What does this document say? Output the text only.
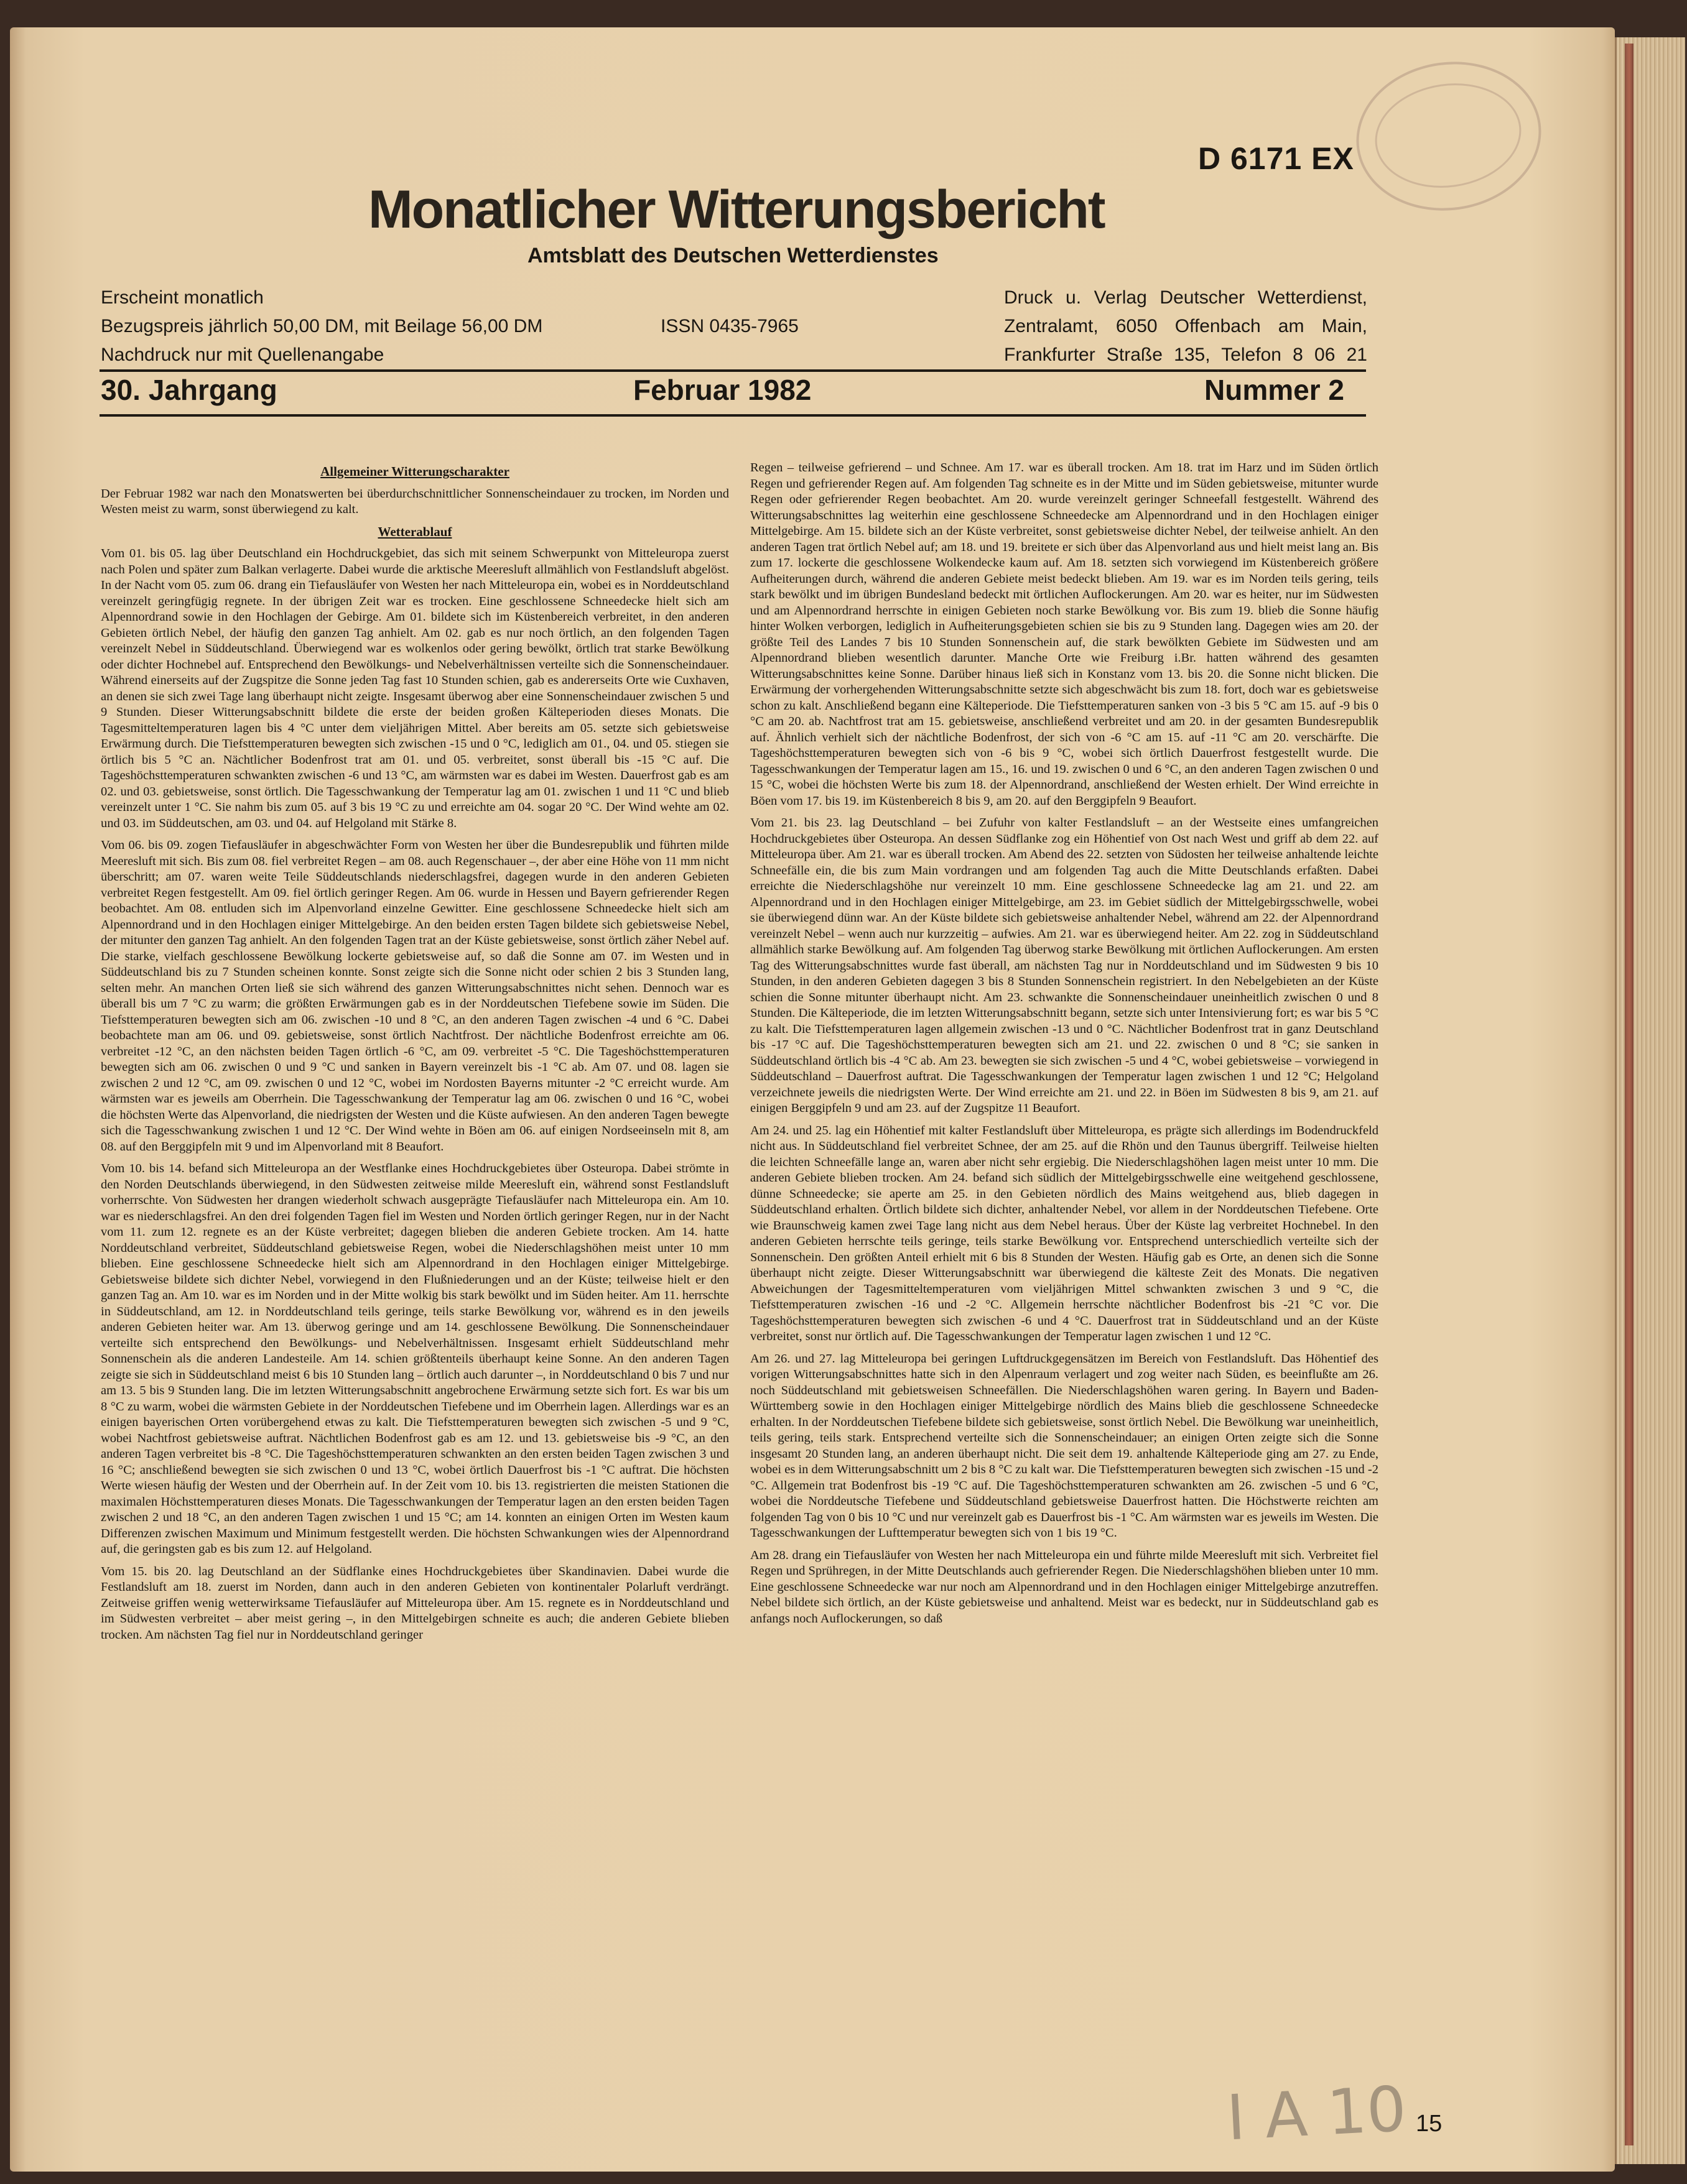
D 6171 EX
Monatlicher Witterungsbericht
Amtsblatt des Deutschen Wetterdienstes
Erscheint monatlich
Bezugspreis jährlich 50,00 DM, mit Beilage 56,00 DM
Nachdruck nur mit Quellenangabe
ISSN 0435-7965
Druck u. Verlag Deutscher Wetterdienst,
Zentralamt, 6050 Offenbach am Main,
Frankfurter Straße 135, Telefon 8 06 21
30. Jahrgang	Februar 1982	Nummer 2
Allgemeiner Witterungscharakter

Der Februar 1982 war nach den Monatswerten bei überdurchschnittlicher Sonnenscheindauer zu trocken, im Norden und Westen meist zu warm, sonst überwiegend zu kalt.

Wetterablauf

Vom 01. bis 05. lag über Deutschland ein Hochdruckgebiet, das sich mit seinem Schwerpunkt von Mitteleuropa zuerst nach Polen und später zum Balkan verlagerte. Dabei wurde die arktische Meeresluft allmählich von Festlandsluft abgelöst. In der Nacht vom 05. zum 06. drang ein Tiefausläufer von Westen her nach Mitteleuropa ein, wobei es in Norddeutschland vereinzelt geringfügig regnete. In der übrigen Zeit war es trocken. Eine geschlossene Schneedecke hielt sich am Alpennordrand sowie in den Hochlagen der Gebirge. Am 01. bildete sich im Küstenbereich verbreitet, in den anderen Gebieten örtlich Nebel, der häufig den ganzen Tag anhielt. Am 02. gab es nur noch örtlich, an den folgenden Tagen vereinzelt Nebel in Süddeutschland. Überwiegend war es wolkenlos oder gering bewölkt, örtlich trat starke Bewölkung oder dichter Hochnebel auf. Entsprechend den Bewölkungs- und Nebelverhältnissen verteilte sich die Sonnenscheindauer. Während einerseits auf der Zugspitze die Sonne jeden Tag fast 10 Stunden schien, gab es andererseits Orte wie Cuxhaven, an denen sie sich zwei Tage lang überhaupt nicht zeigte. Insgesamt überwog aber eine Sonnenscheindauer zwischen 5 und 9 Stunden. Dieser Witterungsabschnitt bildete die erste der beiden großen Kälteperioden dieses Monats. Die Tagesmitteltemperaturen lagen bis 4 °C unter dem vieljährigen Mittel. Aber bereits am 05. setzte sich gebietsweise Erwärmung durch. Die Tiefsttemperaturen bewegten sich zwischen -15 und 0 °C, lediglich am 01., 04. und 05. stiegen sie örtlich bis 5 °C an. Nächtlicher Bodenfrost trat am 01. und 05. verbreitet, sonst überall bis -15 °C auf. Die Tageshöchsttemperaturen schwankten zwischen -6 und 13 °C, am wärmsten war es dabei im Westen. Dauerfrost gab es am 02. und 03. gebietsweise, sonst örtlich. Die Tagesschwankung der Temperatur lag am 01. zwischen 1 und 11 °C und blieb vereinzelt unter 1 °C. Sie nahm bis zum 05. auf 3 bis 19 °C zu und erreichte am 04. sogar 20 °C. Der Wind wehte am 02. und 03. im Süddeutschen, am 03. und 04. auf Helgoland mit Stärke 8.

Vom 06. bis 09. zogen Tiefausläufer in abgeschwächter Form von Westen her über die Bundesrepublik und führten milde Meeresluft mit sich. Bis zum 08. fiel verbreitet Regen – am 08. auch Regenschauer –, der aber eine Höhe von 11 mm nicht überschritt; am 07. waren weite Teile Süddeutschlands niederschlagsfrei, dagegen wurde in den anderen Gebieten verbreitet Regen festgestellt. Am 09. fiel örtlich geringer Regen. Am 06. wurde in Hessen und Bayern gefrierender Regen beobachtet. Am 08. entluden sich im Alpenvorland einzelne Gewitter. Eine geschlossene Schneedecke hielt sich am Alpennordrand und in den Hochlagen einiger Mittelgebirge. An den beiden ersten Tagen bildete sich gebietsweise Nebel, der mitunter den ganzen Tag anhielt. An den folgenden Tagen trat an der Küste gebietsweise, sonst örtlich zäher Nebel auf. Die starke, vielfach geschlossene Bewölkung lockerte gebietsweise auf, so daß die Sonne am 07. im Westen und in Süddeutschland bis zu 7 Stunden scheinen konnte. Sonst zeigte sich die Sonne nicht oder schien 2 bis 3 Stunden lang, selten mehr. An manchen Orten ließ sie sich während des ganzen Witterungsabschnittes nicht sehen. Dennoch war es überall bis um 7 °C zu warm; die größten Erwärmungen gab es in der Norddeutschen Tiefebene sowie im Süden. Die Tiefsttemperaturen bewegten sich am 06. zwischen -10 und 8 °C, an den anderen Tagen zwischen -4 und 6 °C. Dabei beobachtete man am 06. und 09. gebietsweise, sonst örtlich Nachtfrost. Der nächtliche Bodenfrost erreichte am 06. verbreitet -12 °C, an den nächsten beiden Tagen örtlich -6 °C, am 09. verbreitet -5 °C. Die Tageshöchsttemperaturen bewegten sich am 06. zwischen 0 und 9 °C und sanken in Bayern vereinzelt bis -1 °C ab. Am 07. und 08. lagen sie zwischen 2 und 12 °C, am 09. zwischen 0 und 12 °C, wobei im Nordosten Bayerns mitunter -2 °C erreicht wurde. Am wärmsten war es jeweils am Oberrhein. Die Tagesschwankung der Temperatur lag am 06. zwischen 0 und 16 °C, wobei die höchsten Werte das Alpenvorland, die niedrigsten der Westen und die Küste aufwiesen. An den anderen Tagen bewegte sich die Tagesschwankung zwischen 1 und 12 °C. Der Wind wehte in Böen am 06. auf einigen Nordseeinseln mit 8, am 08. auf den Berggipfeln mit 9 und im Alpenvorland mit 8 Beaufort.

Vom 10. bis 14. befand sich Mitteleuropa an der Westflanke eines Hochdruckgebietes über Osteuropa. Dabei strömte in den Norden Deutschlands überwiegend, in den Südwesten zeitweise milde Meeresluft ein, während sonst Festlandsluft vorherrschte. Von Südwesten her drangen wiederholt schwach ausgeprägte Tiefausläufer nach Mitteleuropa ein. Am 10. war es niederschlagsfrei. An den drei folgenden Tagen fiel im Westen und Norden örtlich geringer Regen, nur in der Nacht vom 11. zum 12. regnete es an der Küste verbreitet; dagegen blieben die anderen Gebiete trocken. Am 14. hatte Norddeutschland verbreitet, Süddeutschland gebietsweise Regen, wobei die Niederschlagshöhen meist unter 10 mm blieben. Eine geschlossene Schneedecke hielt sich am Alpennordrand in den Hochlagen einiger Mittelgebirge. Gebietsweise bildete sich dichter Nebel, vorwiegend in den Flußniederungen und an der Küste; teilweise hielt er den ganzen Tag an. Am 10. war es im Norden und in der Mitte wolkig bis stark bewölkt und im Süden heiter. Am 11. herrschte in Süddeutschland, am 12. in Norddeutschland teils geringe, teils starke Bewölkung vor, während es in den jeweils anderen Gebieten heiter war. Am 13. überwog geringe und am 14. geschlossene Bewölkung. Die Sonnenscheindauer verteilte sich entsprechend den Bewölkungs- und Nebelverhältnissen. Insgesamt erhielt Süddeutschland mehr Sonnenschein als die anderen Landesteile. Am 14. schien größtenteils überhaupt keine Sonne. An den anderen Tagen zeigte sie sich in Süddeutschland meist 6 bis 10 Stunden lang – örtlich auch darunter –, in Norddeutschland 0 bis 7 und nur am 13. 5 bis 9 Stunden lang. Die im letzten Witterungsabschnitt angebrochene Erwärmung setzte sich fort. Es war bis um 8 °C zu warm, wobei die wärmsten Gebiete in der Norddeutschen Tiefebene und im Oberrhein lagen. Allerdings war es an einigen bayerischen Orten vorübergehend etwas zu kalt. Die Tiefsttemperaturen bewegten sich zwischen -5 und 9 °C, wobei Nachtfrost gebietsweise auftrat. Nächtlichen Bodenfrost gab es am 12. und 13. gebietsweise bis -9 °C, an den anderen Tagen verbreitet bis -8 °C. Die Tageshöchsttemperaturen schwankten an den ersten beiden Tagen zwischen 3 und 16 °C; anschließend bewegten sie sich zwischen 0 und 13 °C, wobei örtlich Dauerfrost bis -1 °C auftrat. Die höchsten Werte wiesen häufig der Westen und der Oberrhein auf. In der Zeit vom 10. bis 13. registrierten die meisten Stationen die maximalen Höchsttemperaturen dieses Monats. Die Tagesschwankungen der Temperatur lagen an den ersten beiden Tagen zwischen 2 und 18 °C, an den anderen Tagen zwischen 1 und 15 °C; am 14. konnten an einigen Orten im Westen kaum Differenzen zwischen Maximum und Minimum festgestellt werden. Die höchsten Schwankungen wies der Alpennordrand auf, die geringsten gab es bis zum 12. auf Helgoland.

Vom 15. bis 20. lag Deutschland an der Südflanke eines Hochdruckgebietes über Skandinavien. Dabei wurde die Festlandsluft am 18. zuerst im Norden, dann auch in den anderen Gebieten von kontinentaler Polarluft verdrängt. Zeitweise griffen wenig wetterwirksame Tiefausläufer auf Mitteleuropa über. Am 15. regnete es in Norddeutschland und im Südwesten verbreitet – aber meist gering –, in den Mittelgebirgen schneite es auch; die anderen Gebiete blieben trocken. Am nächsten Tag fiel nur in Norddeutschland geringer

Regen – teilweise gefrierend – und Schnee. Am 17. war es überall trocken. Am 18. trat im Harz und im Süden örtlich Regen und gefrierender Regen auf. Am folgenden Tag schneite es in der Mitte und im Süden gebietsweise, mitunter wurde Regen oder gefrierender Regen beobachtet. Am 20. wurde vereinzelt geringer Schneefall festgestellt. Während des Witterungsabschnittes lag weiterhin eine geschlossene Schneedecke am Alpennordrand und in den Hochlagen einiger Mittelgebirge. Am 15. bildete sich an der Küste verbreitet, sonst gebietsweise dichter Nebel, der teilweise anhielt. An den anderen Tagen trat örtlich Nebel auf; am 18. und 19. breitete er sich über das Alpenvorland aus und hielt meist lang an. Bis zum 17. lockerte die geschlossene Wolkendecke kaum auf. Am 18. setzten sich vorwiegend im Küstenbereich größere Aufheiterungen durch, während die anderen Gebiete meist bedeckt blieben. Am 19. war es im Norden teils gering, teils stark bewölkt und im übrigen Bundesland bedeckt mit örtlichen Auflockerungen. Am 20. war es heiter, nur im Südwesten und am Alpennordrand herrschte in einigen Gebieten noch starke Bewölkung vor. Bis zum 19. blieb die Sonne häufig hinter Wolken verborgen, lediglich in Aufheiterungsgebieten schien sie bis zu 9 Stunden lang. Dagegen wies am 20. der größte Teil des Landes 7 bis 10 Stunden Sonnenschein auf, die stark bewölkten Gebiete im Südwesten und am Alpennordrand blieben wesentlich darunter. Manche Orte wie Freiburg i.Br. hatten während des gesamten Witterungsabschnittes keine Sonne. Darüber hinaus ließ sich in Konstanz vom 13. bis 20. die Sonne nicht blicken. Die Erwärmung der vorhergehenden Witterungsabschnitte setzte sich abgeschwächt bis zum 18. fort, doch war es gebietsweise schon zu kalt. Anschließend begann eine Kälteperiode. Die Tiefsttemperaturen sanken von -3 bis 5 °C am 15. auf -9 bis 0 °C am 20. ab. Nachtfrost trat am 15. gebietsweise, anschließend verbreitet und am 20. in der gesamten Bundesrepublik auf. Ähnlich verhielt sich der nächtliche Bodenfrost, der sich von -6 °C am 15. auf -11 °C am 20. verschärfte. Die Tageshöchsttemperaturen bewegten sich von -6 bis 9 °C, wobei sich örtlich Dauerfrost festgestellt wurde. Die Tagesschwankungen der Temperatur lagen am 15., 16. und 19. zwischen 0 und 6 °C, an den anderen Tagen zwischen 0 und 15 °C, wobei die höchsten Werte bis zum 18. der Alpennordrand, anschließend der Westen erhielt. Der Wind erreichte in Böen vom 17. bis 19. im Küstenbereich 8 bis 9, am 20. auf den Berggipfeln 9 Beaufort.

Vom 21. bis 23. lag Deutschland – bei Zufuhr von kalter Festlandsluft – an der Westseite eines umfangreichen Hochdruckgebietes über Osteuropa. An dessen Südflanke zog ein Höhentief von Ost nach West und griff ab dem 22. auf Mitteleuropa über. Am 21. war es überall trocken. Am Abend des 22. setzten von Südosten her teilweise anhaltende leichte Schneefälle ein, die bis zum Main vordrangen und am folgenden Tag auch die Mitte Deutschlands erfaßten. Dabei erreichte die Niederschlagshöhe nur vereinzelt 10 mm. Eine geschlossene Schneedecke lag am 21. und 22. am Alpennordrand und in den Hochlagen einiger Mittelgebirge, am 23. im Gebiet südlich der Mittelgebirgsschwelle, wobei sie überwiegend dünn war. An der Küste bildete sich gebietsweise anhaltender Nebel, während am 22. der Alpennordrand vereinzelt Nebel – wenn auch nur kurzzeitig – aufwies. Am 21. war es überwiegend heiter. Am 22. zog in Süddeutschland allmählich starke Bewölkung auf. Am folgenden Tag überwog starke Bewölkung mit örtlichen Auflockerungen. Am ersten Tag des Witterungsabschnittes wurde fast überall, am nächsten Tag nur in Norddeutschland und im Südwesten 9 bis 10 Stunden, in den anderen Gebieten dagegen 3 bis 8 Stunden Sonnenschein registriert. In den Nebelgebieten an der Küste schien die Sonne mitunter überhaupt nicht. Am 23. schwankte die Sonnenscheindauer uneinheitlich zwischen 0 und 8 Stunden. Die Kälteperiode, die im letzten Witterungsabschnitt begann, setzte sich unter Intensivierung fort; es war bis 5 °C zu kalt. Die Tiefsttemperaturen lagen allgemein zwischen -13 und 0 °C. Nächtlicher Bodenfrost trat in ganz Deutschland bis -17 °C auf. Die Tageshöchsttemperaturen bewegten sich am 21. und 22. zwischen 0 und 8 °C; sie sanken in Süddeutschland örtlich bis -4 °C ab. Am 23. bewegten sie sich zwischen -5 und 4 °C, wobei gebietsweise – vorwiegend in Süddeutschland – Dauerfrost auftrat. Die Tagesschwankungen der Temperatur lagen zwischen 1 und 12 °C; Helgoland verzeichnete jeweils die niedrigsten Werte. Der Wind erreichte am 21. und 22. in Böen im Südwesten 8 bis 9, am 21. auf einigen Berggipfeln 9 und am 23. auf der Zugspitze 11 Beaufort.

Am 24. und 25. lag ein Höhentief mit kalter Festlandsluft über Mitteleuropa, es prägte sich allerdings im Bodendruckfeld nicht aus. In Süddeutschland fiel verbreitet Schnee, der am 25. auf die Rhön und den Taunus übergriff. Teilweise hielten die leichten Schneefälle lange an, waren aber nicht sehr ergiebig. Die Niederschlagshöhen lagen meist unter 10 mm. Die anderen Gebiete blieben trocken. Am 24. befand sich südlich der Mittelgebirgsschwelle eine weitgehend geschlossene, dünne Schneedecke; sie aperte am 25. in den Gebieten nördlich des Mains weitgehend aus, blieb dagegen in Süddeutschland erhalten. Örtlich bildete sich dichter, anhaltender Nebel, vor allem in der Norddeutschen Tiefebene. Orte wie Braunschweig kamen zwei Tage lang nicht aus dem Nebel heraus. Über der Küste lag verbreitet Hochnebel. In den anderen Gebieten herrschte teils geringe, teils starke Bewölkung vor. Entsprechend unterschiedlich verteilte sich der Sonnenschein. Den größten Anteil erhielt mit 6 bis 8 Stunden der Westen. Häufig gab es Orte, an denen sich die Sonne überhaupt nicht zeigte. Dieser Witterungsabschnitt war überwiegend die kälteste Zeit des Monats. Die negativen Abweichungen der Tagesmitteltemperaturen vom vieljährigen Mittel schwankten zwischen 3 und 9 °C, die Tiefsttemperaturen zwischen -16 und -2 °C. Allgemein herrschte nächtlicher Bodenfrost bis -21 °C vor. Die Tageshöchsttemperaturen bewegten sich zwischen -6 und 4 °C. Dauerfrost trat in Süddeutschland und an der Küste verbreitet, sonst nur örtlich auf. Die Tagesschwankungen der Temperatur lagen zwischen 1 und 12 °C.

Am 26. und 27. lag Mitteleuropa bei geringen Luftdruckgegensätzen im Bereich von Festlandsluft. Das Höhentief des vorigen Witterungsabschnittes hatte sich in den Alpenraum verlagert und zog weiter nach Süden, es beeinflußte am 26. noch Süddeutschland mit gebietsweisen Schneefällen. Die Niederschlagshöhen waren gering. In Bayern und Baden-Württemberg sowie in den Hochlagen einiger Mittelgebirge nördlich des Mains blieb die geschlossene Schneedecke erhalten. In der Norddeutschen Tiefebene bildete sich gebietsweise, sonst örtlich Nebel. Die Bewölkung war uneinheitlich, teils gering, teils stark. Entsprechend verteilte sich die Sonnenscheindauer; an einigen Orten zeigte sich die Sonne insgesamt 20 Stunden lang, an anderen überhaupt nicht. Die seit dem 19. anhaltende Kälteperiode ging am 27. zu Ende, wobei es in dem Witterungsabschnitt um 2 bis 8 °C zu kalt war. Die Tiefsttemperaturen bewegten sich zwischen -15 und -2 °C. Allgemein trat Bodenfrost bis -19 °C auf. Die Tageshöchsttemperaturen schwankten am 26. zwischen -5 und 6 °C, wobei die Norddeutsche Tiefebene und Süddeutschland gebietsweise Dauerfrost hatten. Die Höchstwerte reichten am folgenden Tag von 0 bis 10 °C und nur vereinzelt gab es Dauerfrost bis -1 °C. Am wärmsten war es jeweils im Westen. Die Tagesschwankungen der Lufttemperatur bewegten sich von 1 bis 19 °C.

Am 28. drang ein Tiefausläufer von Westen her nach Mitteleuropa ein und führte milde Meeresluft mit sich. Verbreitet fiel Regen und Sprühregen, in der Mitte Deutschlands auch gefrierender Regen. Die Niederschlagshöhen blieben unter 10 mm. Eine geschlossene Schneedecke war nur noch am Alpennordrand und in den Hochlagen einiger Mittelgebirge anzutreffen. Nebel bildete sich örtlich, an der Küste gebietsweise und anhaltend. Meist war es bedeckt, nur in Süddeutschland gab es anfangs noch Auflockerungen, so daß

I A 10 15
